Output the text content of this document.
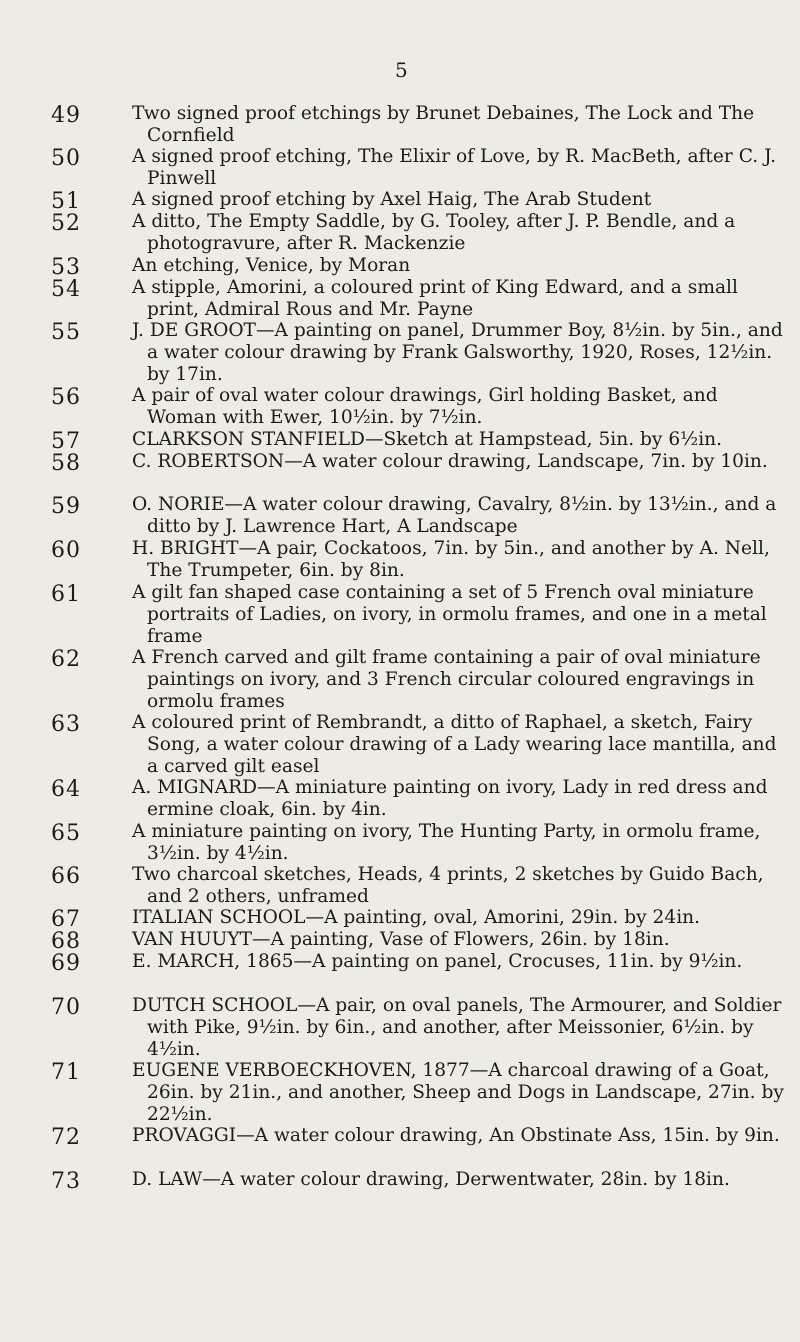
5
49	Two signed proof etchings by Brunet Debaines, The Lock and The Cornfield
50	A signed proof etching, The Elixir of Love, by R. MacBeth, after C. J. Pinwell
51	A signed proof etching by Axel Haig, The Arab Student
52	A ditto, The Empty Saddle, by G. Tooley, after J. P. Bendle, and a photogravure, after R. Mackenzie
53	An etching, Venice, by Moran
54	A stipple, Amorini, a coloured print of King Edward, and a small print, Admiral Rous and Mr. Payne
55	J. DE GROOT—A painting on panel, Drummer Boy, 8½in. by 5in., and a water colour drawing by Frank Galsworthy, 1920, Roses, 12½in. by 17in.
56	A pair of oval water colour drawings, Girl holding Basket, and Woman with Ewer, 10½in. by 7½in.
57	CLARKSON STANFIELD—Sketch at Hampstead, 5in. by 6½in.
58	C. ROBERTSON—A water colour drawing, Landscape, 7in. by 10in.
59	O. NORIE—A water colour drawing, Cavalry, 8½in. by 13½in., and a ditto by J. Lawrence Hart, A Landscape
60	H. BRIGHT—A pair, Cockatoos, 7in. by 5in., and another by A. Nell, The Trumpeter, 6in. by 8in.
61	A gilt fan shaped case containing a set of 5 French oval miniature portraits of Ladies, on ivory, in ormolu frames, and one in a metal frame
62	A French carved and gilt frame containing a pair of oval miniature paintings on ivory, and 3 French circular coloured engravings in ormolu frames
63	A coloured print of Rembrandt, a ditto of Raphael, a sketch, Fairy Song, a water colour drawing of a Lady wearing lace mantilla, and a carved gilt easel
64	A. MIGNARD—A miniature painting on ivory, Lady in red dress and ermine cloak, 6in. by 4in.
65	A miniature painting on ivory, The Hunting Party, in ormolu frame, 3½in. by 4½in.
66	Two charcoal sketches, Heads, 4 prints, 2 sketches by Guido Bach, and 2 others, unframed
67	ITALIAN SCHOOL—A painting, oval, Amorini, 29in. by 24in.
68	VAN HUUYT—A painting, Vase of Flowers, 26in. by 18in.
69	E. MARCH, 1865—A painting on panel, Crocuses, 11in. by 9½in.
70	DUTCH SCHOOL—A pair, on oval panels, The Armourer, and Soldier with Pike, 9½in. by 6in., and another, after Meissonier, 6½in. by 4½in.
71	EUGENE VERBOECKHOVEN, 1877—A charcoal drawing of a Goat, 26in. by 21in., and another, Sheep and Dogs in Landscape, 27in. by 22½in.
72	PROVAGGI—A water colour drawing, An Obstinate Ass, 15in. by 9in.
73	D. LAW—A water colour drawing, Derwentwater, 28in. by 18in.
